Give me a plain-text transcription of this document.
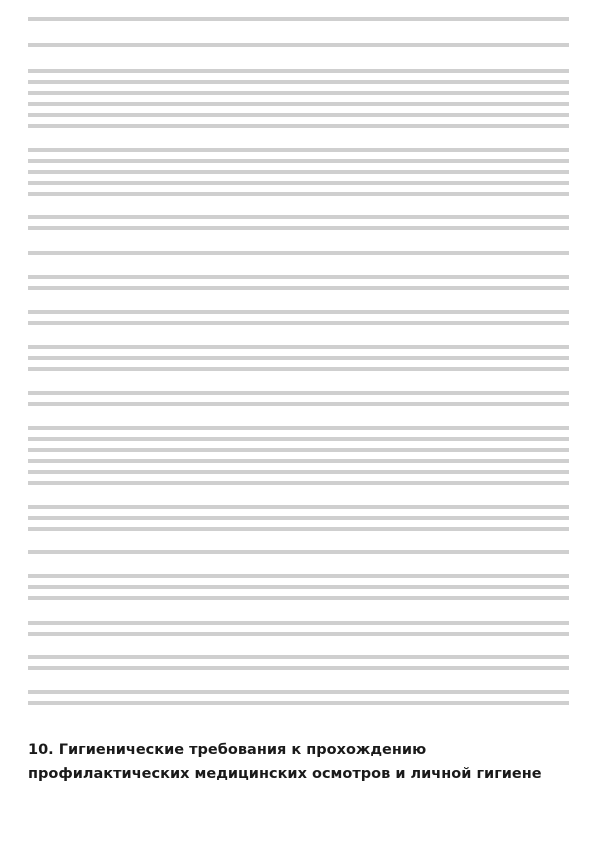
10. Гигиенические требования к прохождению профилактических медицинских осмотров и личной гигиене
